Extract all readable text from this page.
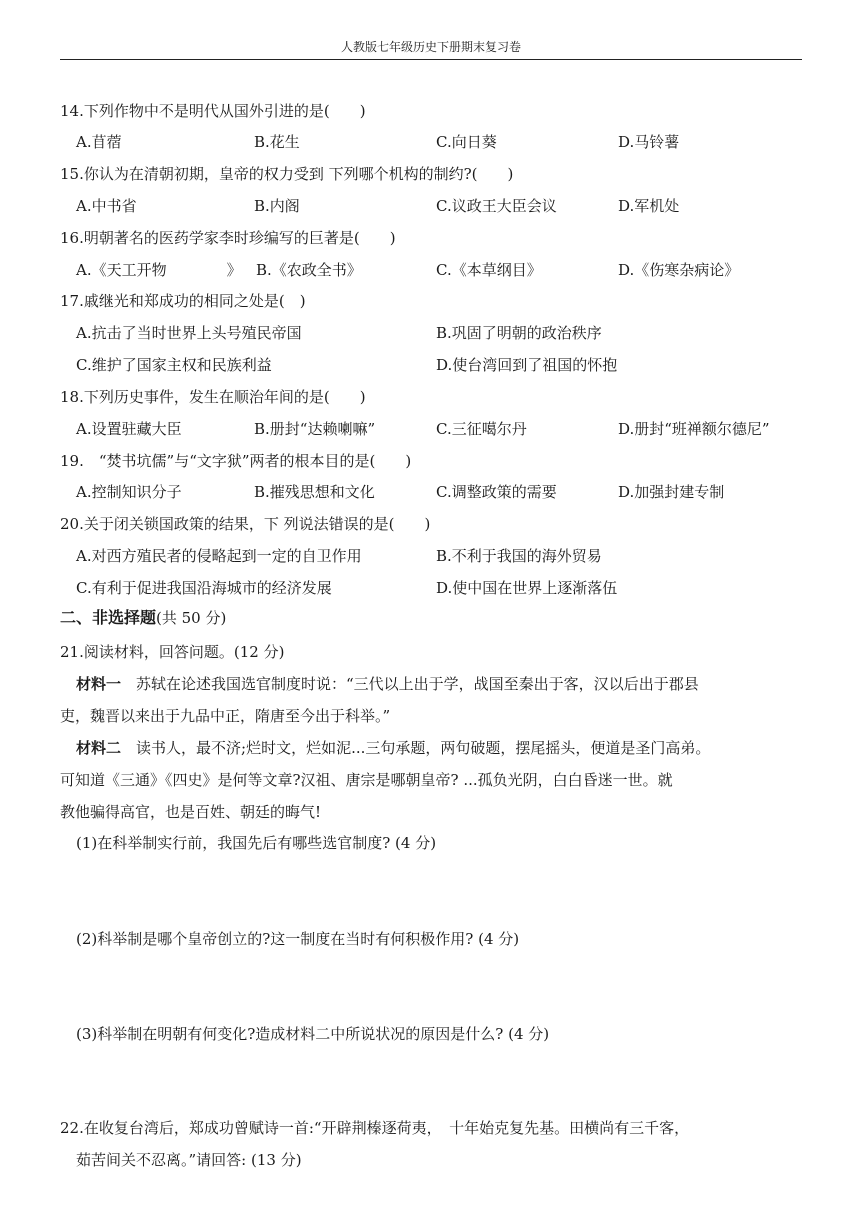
人教版七年级历史下册期末复习卷
14.下列作物中不是明代从国外引进的是(　　)
A.苜蓿	B.花生	C.向日葵	D.马铃薯
15.你认为在清朝初期，皇帝的权力受到 下列哪个机构的制约?(　　)
A.中书省	B.内阁	C.议政王大臣会议	D.军机处
16.明朝著名的医药学家李时珍编写的巨著是(　　)
A.《天工开物　　　　》 B.《农政全书》	C.《本草纲目》	D.《伤寒杂病论》
17.戚继光和郑成功的相同之处是(　)
A.抗击了当时世界上头号殖民帝国	B.巩固了明朝的政治秩序
C.维护了国家主权和民族利益	D.使台湾回到了祖国的怀抱
18.下列历史事件，发生在顺治年间的是(　　)
A.设置驻藏大臣	B.册封“达赖喇嘛”	C.三征噶尔丹	D.册封“班禅额尔德尼”
19.　“焚书坑儒”与“文字狱”两者的根本目的是(　　)
A.控制知识分子	B.摧残思想和文化	C.调整政策的需要	D.加强封建专制
20.关于闭关锁国政策的结果，下 列说法错误的是(　　)
A.对西方殖民者的侵略起到一定的自卫作用	B.不利于我国的海外贸易
C.有利于促进我国沿海城市的经济发展	D.使中国在世界上逐渐落伍
二、非选择题(共 50 分)
21.阅读材料，回答问题。(12 分)
材料一　苏轼在论述我国选官制度时说：“三代以上出于学，战国至秦出于客，汉以后出于郡县
吏，魏晋以来出于九品中正，隋唐至今出于科举。”
材料二　读书人，最不济;烂时文，烂如泥...三句承题，两句破题，摆尾摇头，便道是圣门高弟。
可知道《三通》《四史》是何等文章?汉祖、唐宗是哪朝皇帝? ...孤负光阴，白白昏迷一世。就
教他骗得高官，也是百姓、朝廷的晦气!
(1)在科举制实行前，我国先后有哪些选官制度? (4 分)
(2)科举制是哪个皇帝创立的?这一制度在当时有何积极作用? (4 分)
(3)科举制在明朝有何变化?造成材料二中所说状况的原因是什么? (4 分)
22.在收复台湾后，郑成功曾赋诗一首:“开辟荆榛逐荷夷，　十年始克复先基。田横尚有三千客，
茹苦间关不忍离。”请回答: (13 分)
